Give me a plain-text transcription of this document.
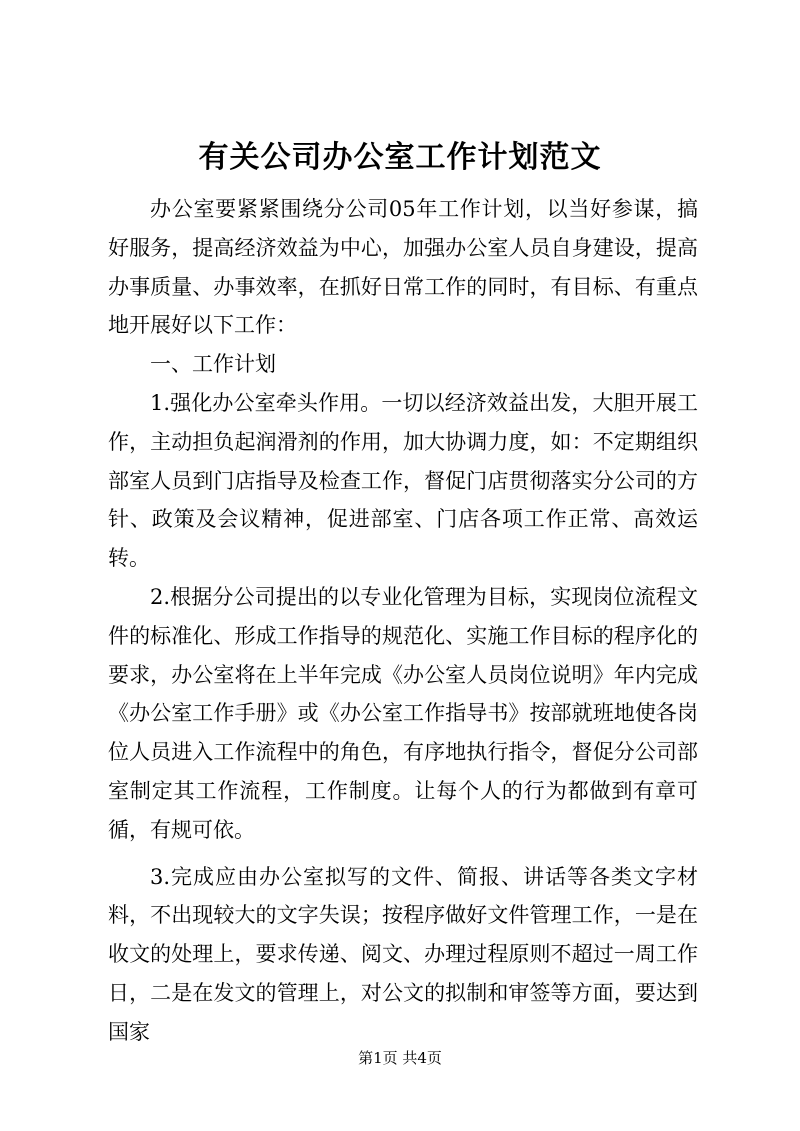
有关公司办公室工作计划范文

办公室要紧紧围绕分公司05年工作计划，以当好参谋，搞好服务，提高经济效益为中心，加强办公室人员自身建设，提高办事质量、办事效率，在抓好日常工作的同时，有目标、有重点地开展好以下工作：

一、工作计划

1.强化办公室牵头作用。一切以经济效益出发，大胆开展工作，主动担负起润滑剂的作用，加大协调力度，如：不定期组织部室人员到门店指导及检查工作，督促门店贯彻落实分公司的方针、政策及会议精神，促进部室、门店各项工作正常、高效运转。

2.根据分公司提出的以专业化管理为目标，实现岗位流程文件的标准化、形成工作指导的规范化、实施工作目标的程序化的要求，办公室将在上半年完成《办公室人员岗位说明》年内完成《办公室工作手册》或《办公室工作指导书》按部就班地使各岗位人员进入工作流程中的角色，有序地执行指令，督促分公司部室制定其工作流程，工作制度。让每个人的行为都做到有章可循，有规可依。

3.完成应由办公室拟写的文件、简报、讲话等各类文字材料，不出现较大的文字失误；按程序做好文件管理工作，一是在收文的处理上，要求传递、阅文、办理过程原则不超过一周工作日，二是在发文的管理上，对公文的拟制和审签等方面，要达到国家

第1页 共4页
